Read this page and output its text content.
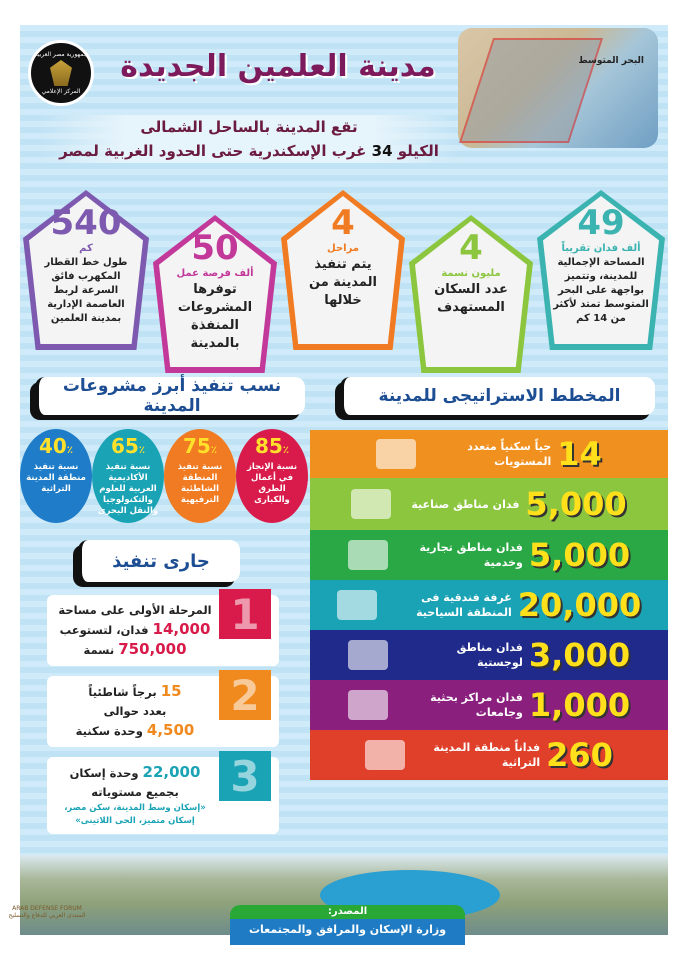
البحر المتوسط
جمهورية مصر العربية
المركز الإعلامي
مدينة العلمين الجديدة
تقع المدينة بالساحل الشمالى
الكيلو 34 غرب الإسكندرية حتى الحدود الغربية لمصر
49
ألف فدان تقريباً
المساحة الإجمالية للمدينة، وتتميز بواجهة على البحر المتوسط تمتد لأكثر من 14 كم
4
مليون نسمة
عدد السكان المستهدف
4
مراحل
يتم تنفيذ المدينة من خلالها
50
ألف فرصة عمل
توفرها المشروعات المنفذة بالمدينة
540
كم
طول خط القطار المكهرب فائق السرعة لربط العاصمة الإدارية بمدينة العلمين
نسب تنفيذ أبرز مشروعات المدينة	المخطط الاستراتيجى للمدينة
85٪
نسبة الإنجاز في أعمال الطرق والكبارى
75٪
نسبة تنفيذ المنطقة الشاطئية الترفيهية
65٪
نسبة تنفيذ الأكاديمية العربية للعلوم والتكنولوجيا والنقل البحرى
40٪
نسبة تنفيذ منطقة المدينة التراثية
14
حياً سكنياً متعدد المستويات
5,000
فدان مناطق صناعية
5,000
فدان مناطق تجارية وخدمية
20,000
غرفة فندقية فى المنطقة السياحية
3,000
فدان مناطق لوجستية
1,000
فدان مراكز بحثية وجامعات
260
فداناً منطقة المدينة التراثية
جارى تنفيذ
1
المرحلة الأولى على مساحة
14,000 فدان، لتستوعب
750,000 نسمة
2
15 برجاً شاطئياً
بعدد حوالى
4,500 وحدة سكنية
3
22,000 وحدة إسكان
بجميع مستوياته
«إسكان وسط المدينة، سكن مصر، إسكان متميز، الحى اللاتينى»
المصدر:
وزارة الإسكان والمرافق والمجتمعات العمرانية
ARAB DEFENSE FORUM
المنتدى العربي للدفاع والتسليح
